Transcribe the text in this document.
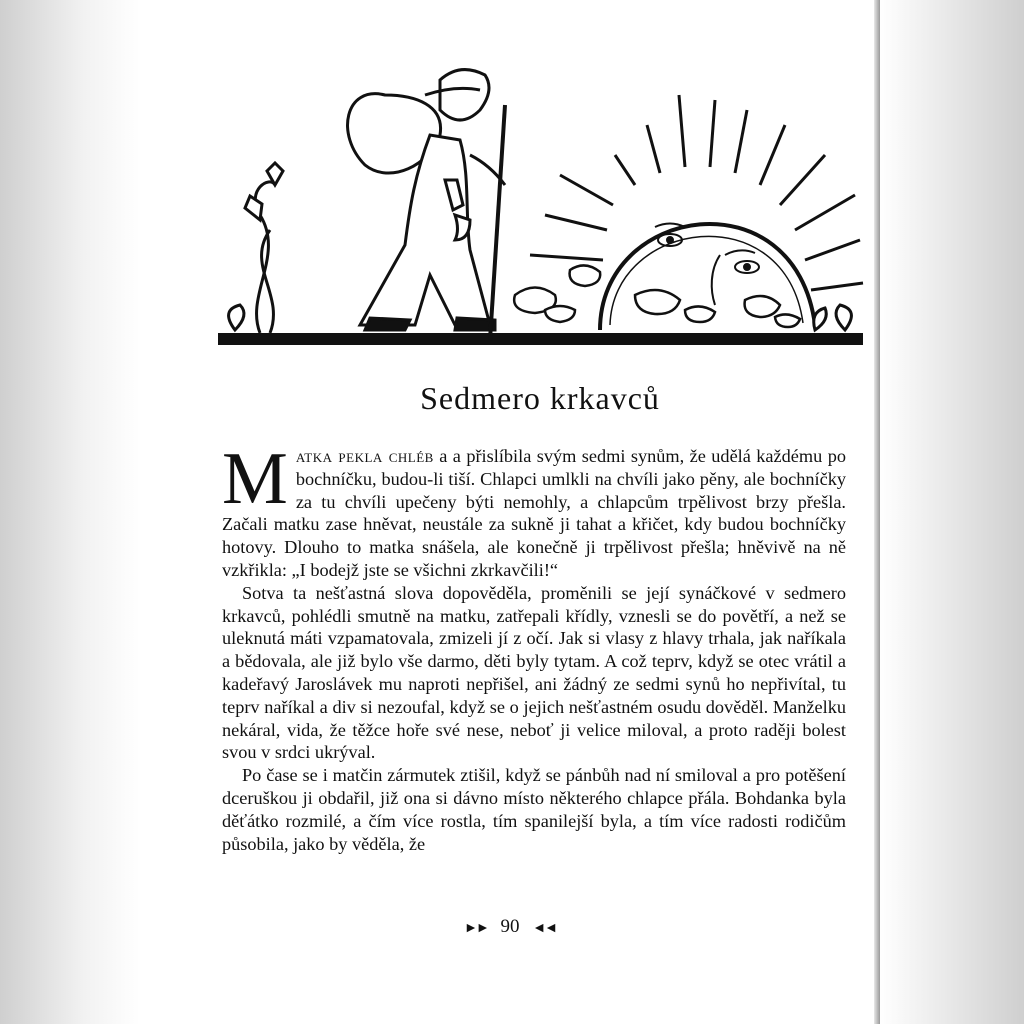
Sedmero krkavců

Matka pekla chléb a a přislíbila svým sedmi synům, že udělá každému po bochníčku, budou-li tiší. Chlapci umlkli na chvíli jako pěny, ale bochníčky za tu chvíli upečeny býti nemohly, a chlapcům trpělivost brzy přešla. Začali matku zase hněvat, neustále za sukně ji tahat a křičet, kdy budou bochníčky hotovy. Dlouho to matka snášela, ale konečně ji trpělivost přešla; hněvivě na ně vzkřikla: „I bodejž jste se všichni zkrkavčili!“

Sotva ta nešťastná slova dopověděla, proměnili se její synáčkové v sedmero krkavců, pohlédli smutně na matku, zatřepali křídly, vznesli se do povětří, a než se uleknutá máti vzpamatovala, zmizeli jí z očí. Jak si vlasy z hlavy trhala, jak naříkala a bědovala, ale již bylo vše darmo, děti byly tytam. A což teprv, když se otec vrátil a kadeřavý Jaroslávek mu naproti nepřišel, ani žádný ze sedmi synů ho nepřivítal, tu teprv naříkal a div si nezoufal, když se o jejich nešťastném osudu dověděl. Manželku nekáral, vida, že těžce hoře své nese, neboť ji velice miloval, a proto raději bolest svou v srdci ukrýval.

Po čase se i matčin zármutek ztišil, když se pánbůh nad ní smiloval a pro potěšení dceruškou ji obdařil, již ona si dávno místo některého chlapce přála. Bohdanka byla děťátko rozmilé, a čím více rostla, tím spanilejší byla, a tím více radosti rodičům působila, jako by věděla, že

►► 90 ◄◄
